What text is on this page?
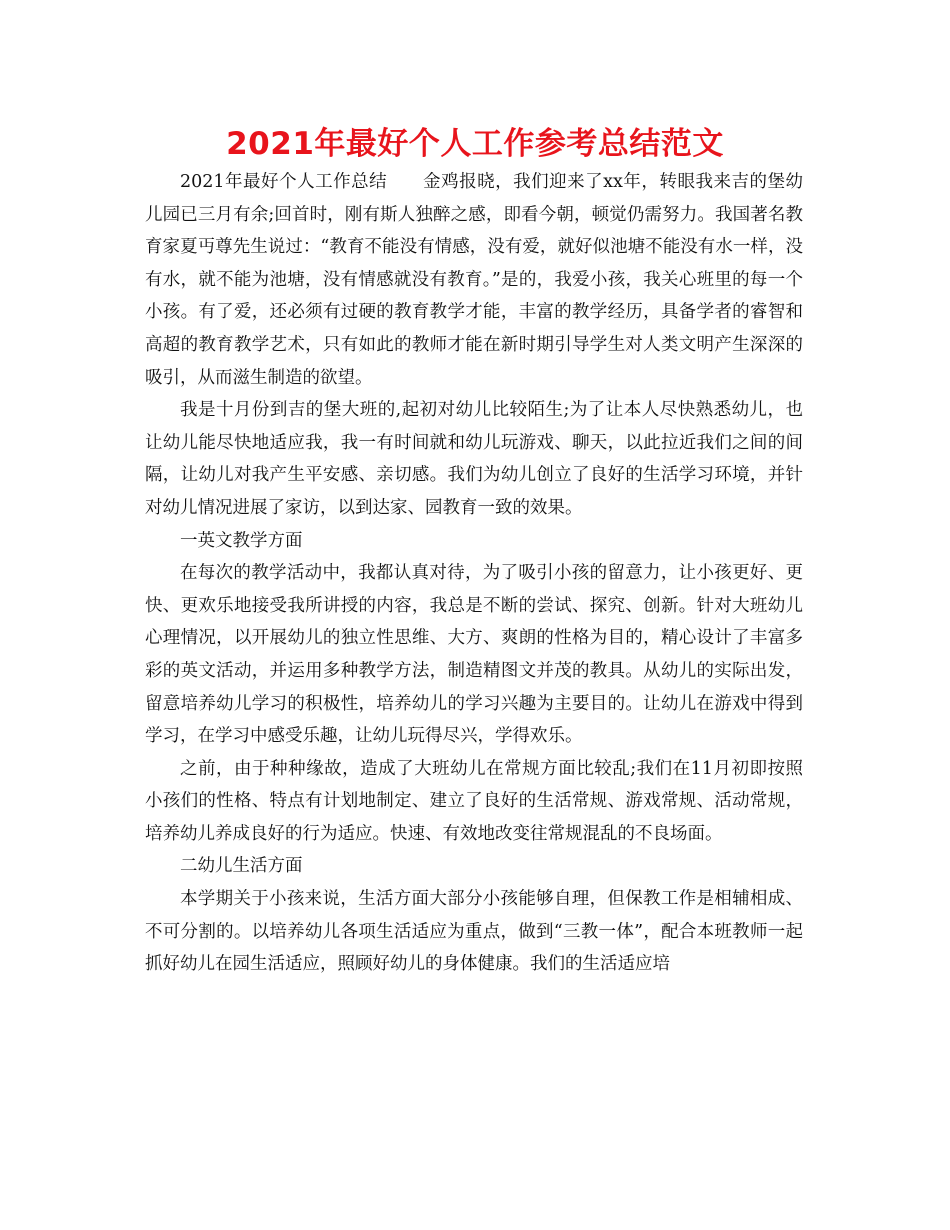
2021年最好个人工作参考总结范文

2021年最好个人工作总结　　金鸡报晓，我们迎来了xx年，转眼我来吉的堡幼儿园已三月有余;回首时，刚有斯人独醉之感，即看今朝，顿觉仍需努力。我国著名教育家夏丏尊先生说过：“教育不能没有情感，没有爱，就好似池塘不能没有水一样，没有水，就不能为池塘，没有情感就没有教育。”是的，我爱小孩，我关心班里的每一个小孩。有了爱，还必须有过硬的教育教学才能，丰富的教学经历，具备学者的睿智和高超的教育教学艺术，只有如此的教师才能在新时期引导学生对人类文明产生深深的吸引，从而滋生制造的欲望。

我是十月份到吉的堡大班的,起初对幼儿比较陌生;为了让本人尽快熟悉幼儿，也让幼儿能尽快地适应我，我一有时间就和幼儿玩游戏、聊天，以此拉近我们之间的间隔，让幼儿对我产生平安感、亲切感。我们为幼儿创立了良好的生活学习环境，并针对幼儿情况进展了家访，以到达家、园教育一致的效果。

一英文教学方面

在每次的教学活动中，我都认真对待，为了吸引小孩的留意力，让小孩更好、更快、更欢乐地接受我所讲授的内容，我总是不断的尝试、探究、创新。针对大班幼儿心理情况，以开展幼儿的独立性思维、大方、爽朗的性格为目的，精心设计了丰富多彩的英文活动，并运用多种教学方法，制造精图文并茂的教具。从幼儿的实际出发，留意培养幼儿学习的积极性，培养幼儿的学习兴趣为主要目的。让幼儿在游戏中得到学习，在学习中感受乐趣，让幼儿玩得尽兴，学得欢乐。

之前，由于种种缘故，造成了大班幼儿在常规方面比较乱;我们在11月初即按照小孩们的性格、特点有计划地制定、建立了良好的生活常规、游戏常规、活动常规，培养幼儿养成良好的行为适应。快速、有效地改变往常规混乱的不良场面。

二幼儿生活方面

本学期关于小孩来说，生活方面大部分小孩能够自理，但保教工作是相辅相成、不可分割的。以培养幼儿各项生活适应为重点，做到“三教一体”，配合本班教师一起抓好幼儿在园生活适应，照顾好幼儿的身体健康。我们的生活适应培
